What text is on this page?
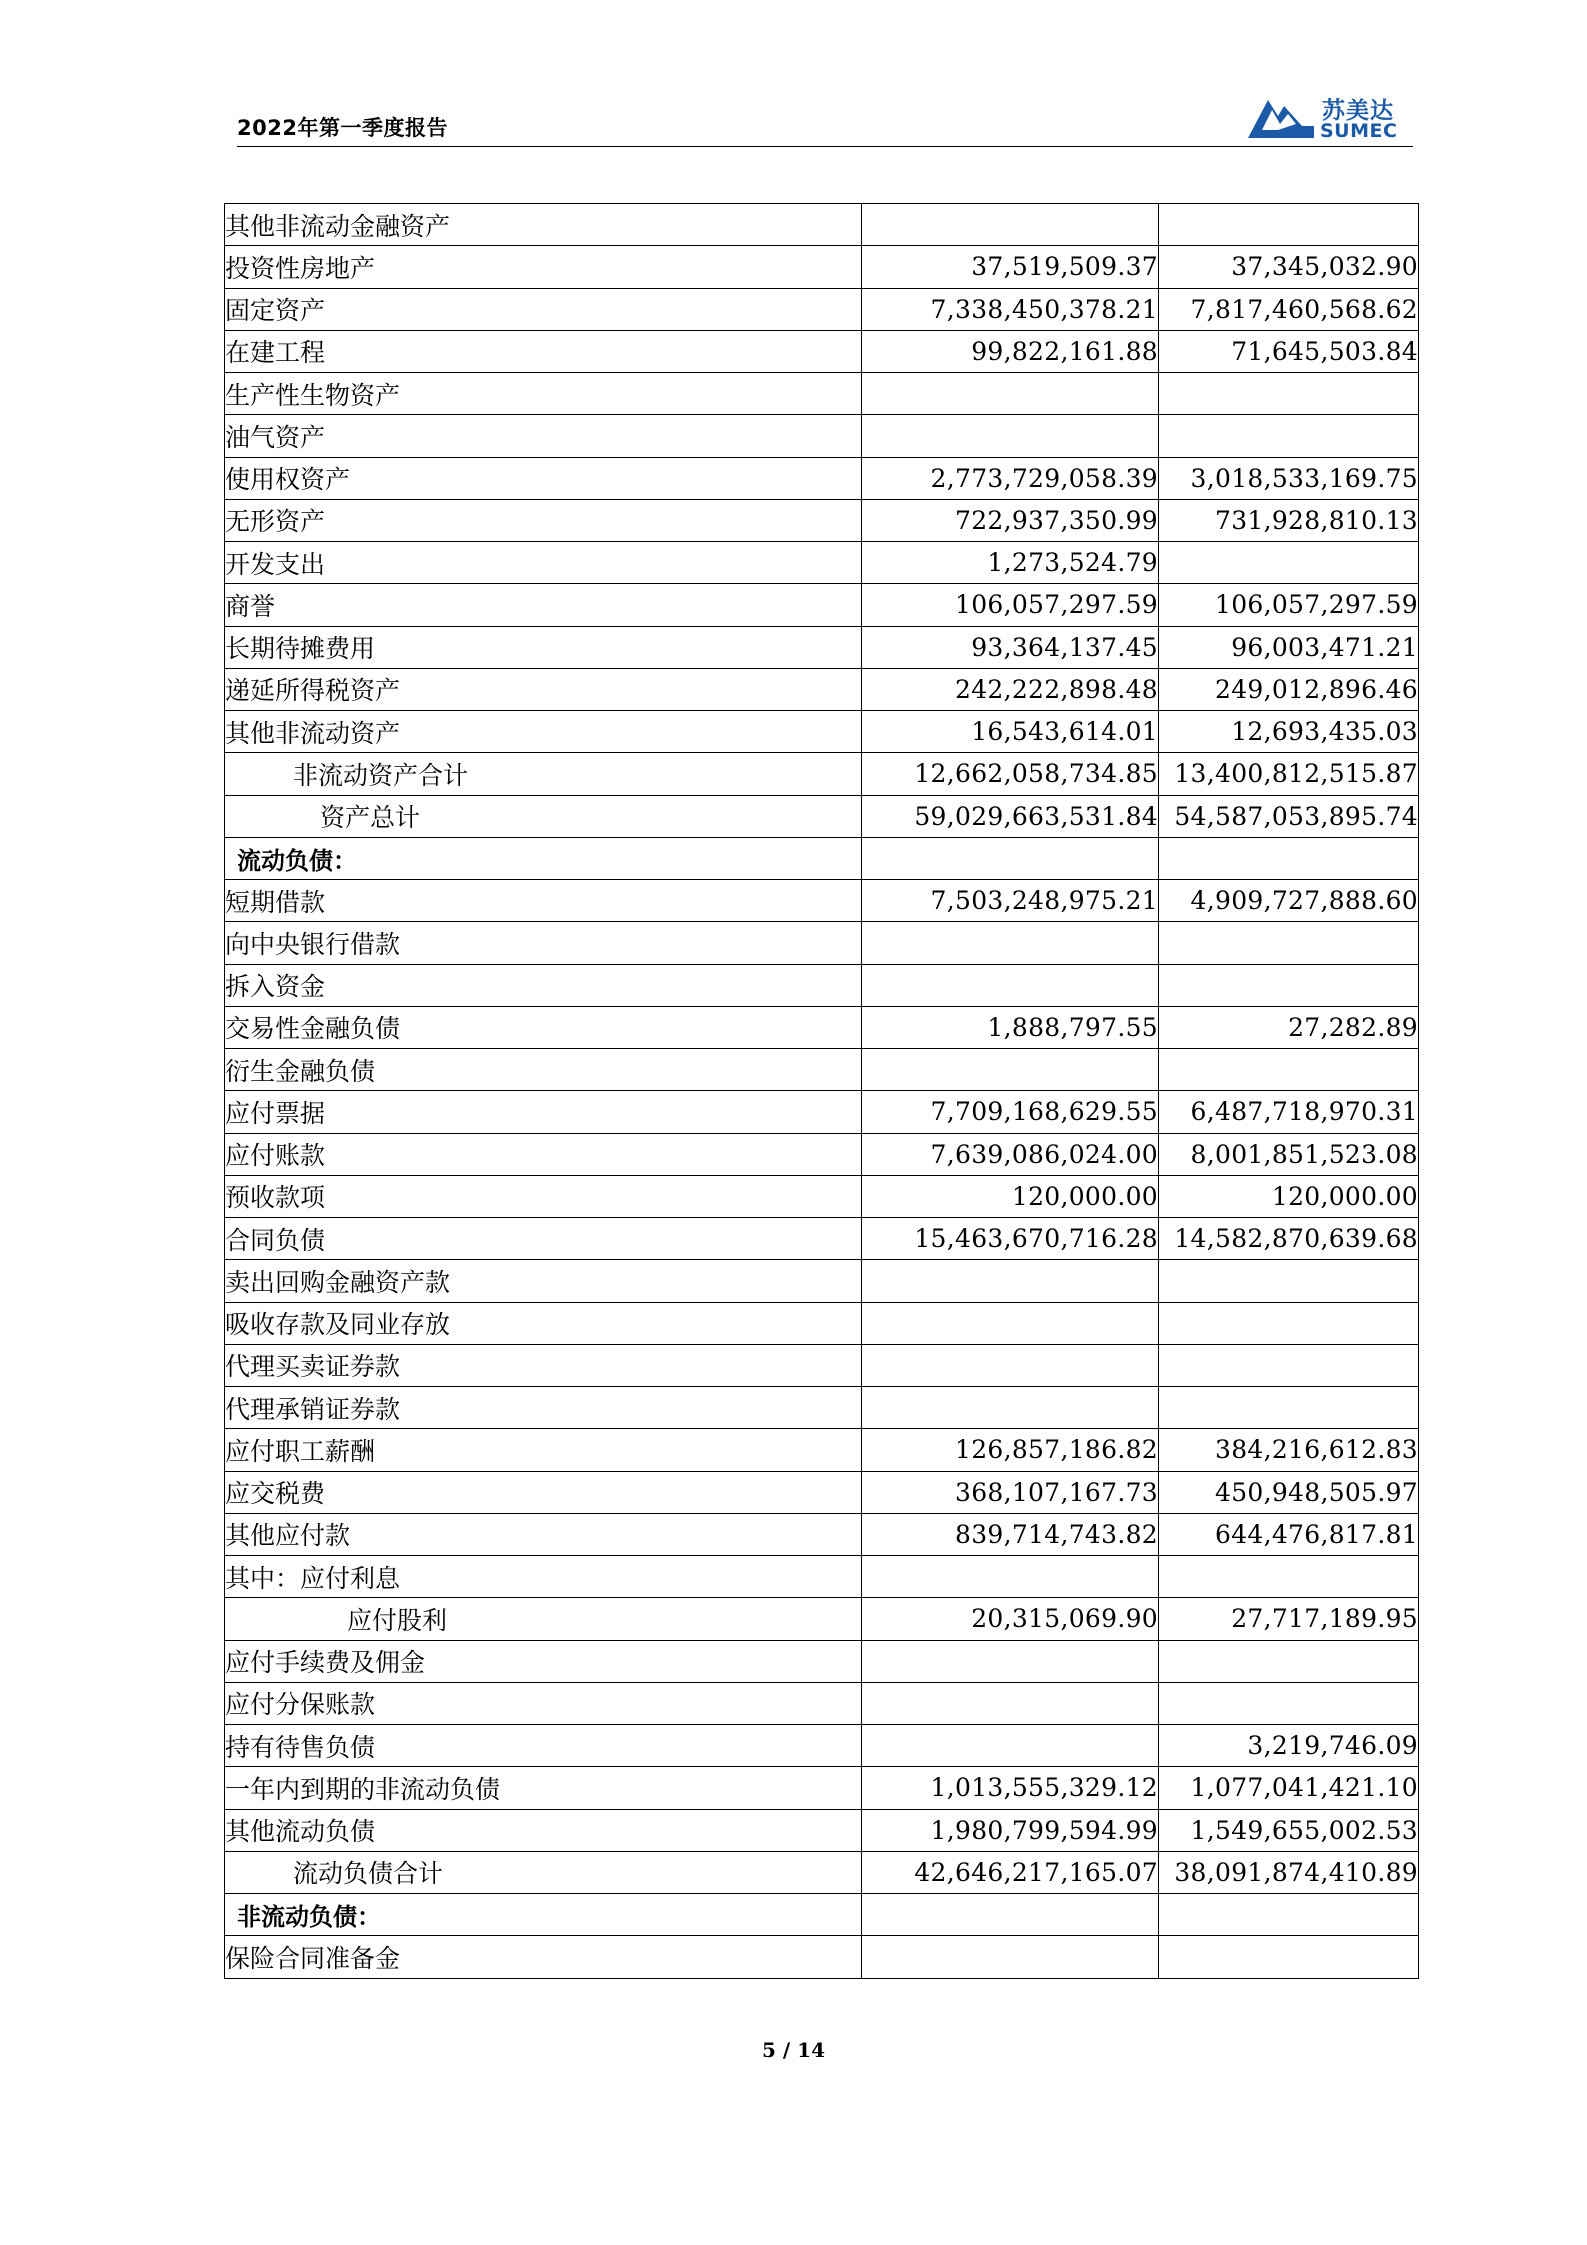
2022年第一季度报告
苏美达
SUMEC
其他非流动金融资产		
投资性房地产	37,519,509.37	37,345,032.90
固定资产	7,338,450,378.21	7,817,460,568.62
在建工程	99,822,161.88	71,645,503.84
生产性生物资产		
油气资产		
使用权资产	2,773,729,058.39	3,018,533,169.75
无形资产	722,937,350.99	731,928,810.13
开发支出	1,273,524.79	
商誉	106,057,297.59	106,057,297.59
长期待摊费用	93,364,137.45	96,003,471.21
递延所得税资产	242,222,898.48	249,012,896.46
其他非流动资产	16,543,614.01	12,693,435.03
非流动资产合计	12,662,058,734.85	13,400,812,515.87
资产总计	59,029,663,531.84	54,587,053,895.74
流动负债：		
短期借款	7,503,248,975.21	4,909,727,888.60
向中央银行借款		
拆入资金		
交易性金融负债	1,888,797.55	27,282.89
衍生金融负债		
应付票据	7,709,168,629.55	6,487,718,970.31
应付账款	7,639,086,024.00	8,001,851,523.08
预收款项	120,000.00	120,000.00
合同负债	15,463,670,716.28	14,582,870,639.68
卖出回购金融资产款		
吸收存款及同业存放		
代理买卖证券款		
代理承销证券款		
应付职工薪酬	126,857,186.82	384,216,612.83
应交税费	368,107,167.73	450,948,505.97
其他应付款	839,714,743.82	644,476,817.81
其中：应付利息		
应付股利	20,315,069.90	27,717,189.95
应付手续费及佣金		
应付分保账款		
持有待售负债		3,219,746.09
一年内到期的非流动负债	1,013,555,329.12	1,077,041,421.10
其他流动负债	1,980,799,594.99	1,549,655,002.53
流动负债合计	42,646,217,165.07	38,091,874,410.89
非流动负债：		
保险合同准备金		
5 / 14
